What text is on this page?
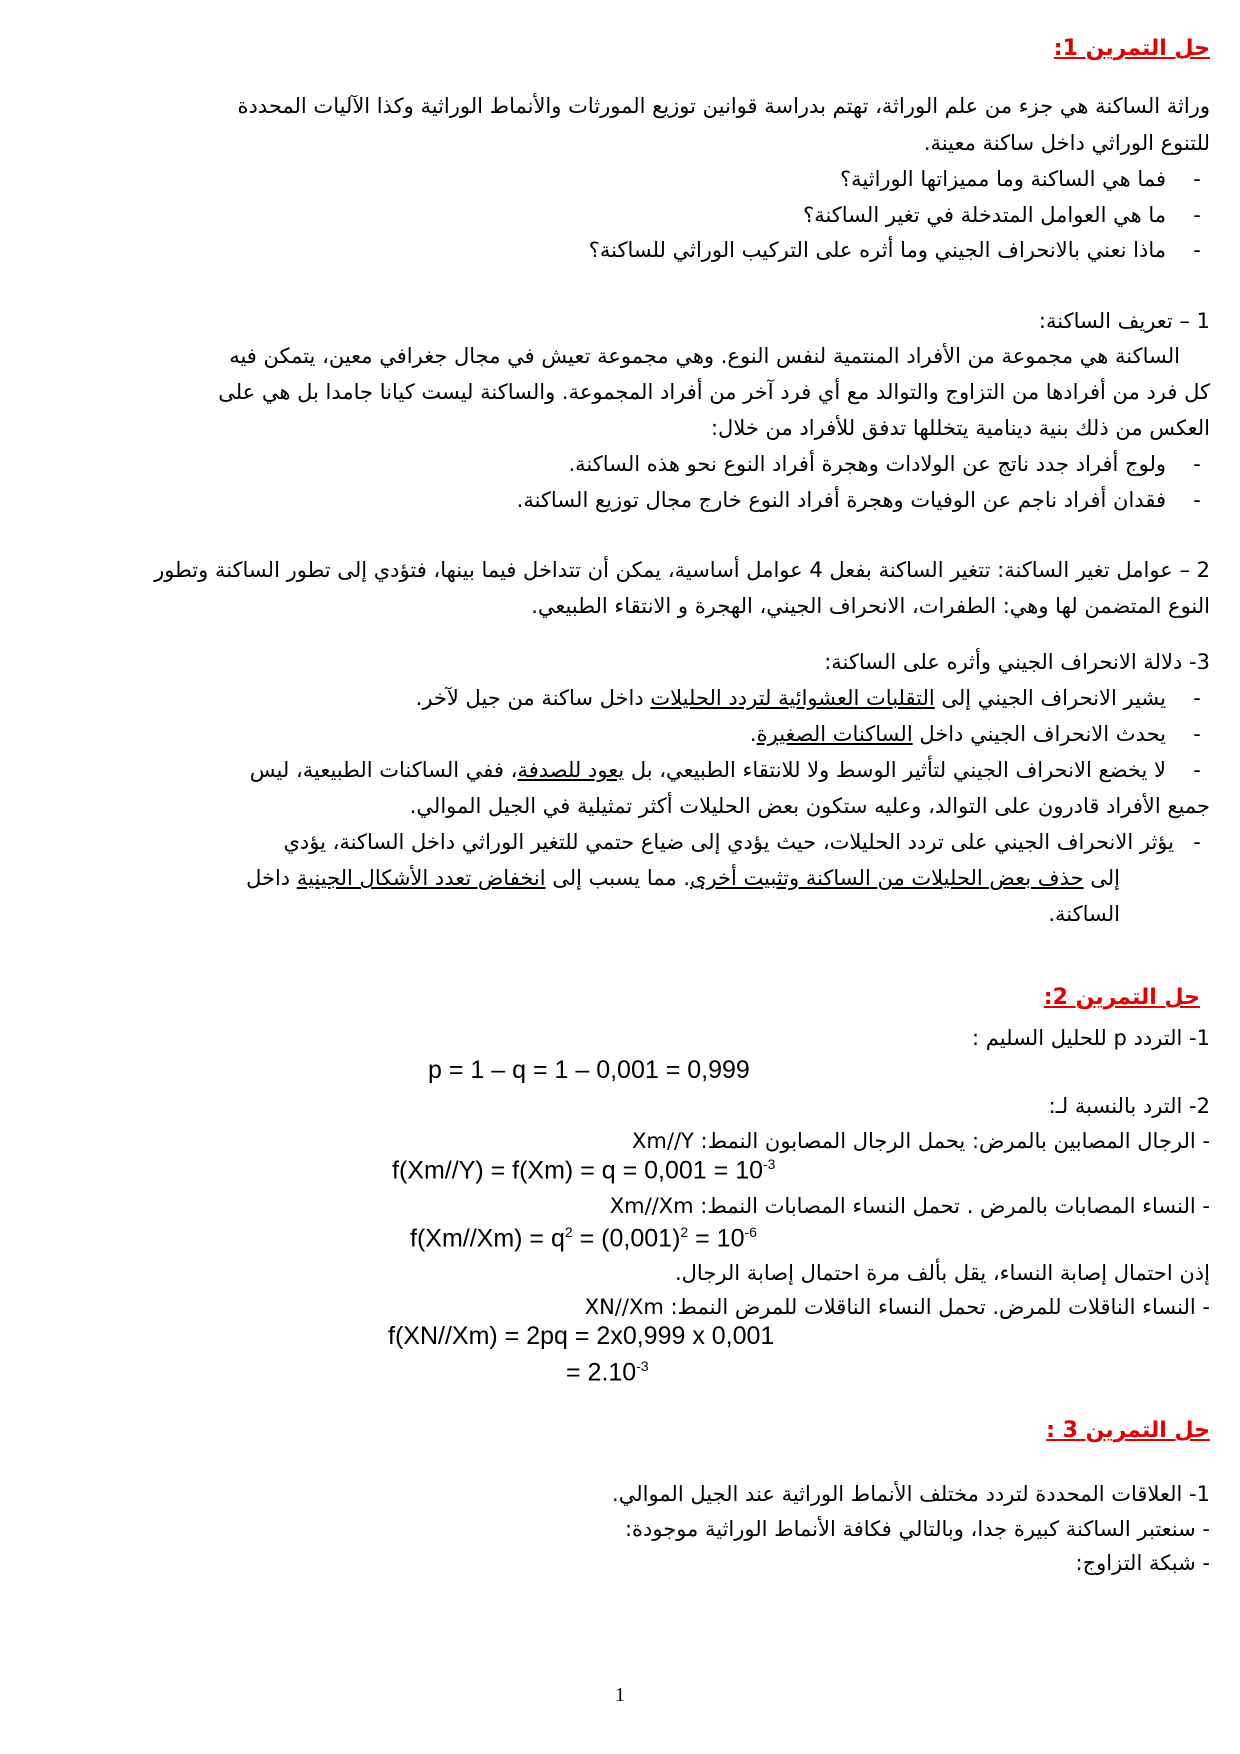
حل التمرين 1:
وراثة الساكنة هي جزء من علم الوراثة، تهتم بدراسة قوانين توزيع المورثات والأنماط الوراثية وكذا الآليات المحددة
للتنوع الوراثي داخل ساكنة معينة.
-فما هي الساكنة وما مميزاتها الوراثية؟
-ما هي العوامل المتدخلة في تغير الساكنة؟
-ماذا نعني بالانحراف الجيني وما أثره على التركيب الوراثي للساكنة؟
1 – تعريف الساكنة:
الساكنة هي مجموعة من الأفراد المنتمية لنفس النوع. وهي مجموعة تعيش في مجال جغرافي معين، يتمكن فيه
كل فرد من أفرادها من التزاوج والتوالد مع أي فرد آخر من أفراد المجموعة. والساكنة ليست كيانا جامدا بل هي على
العكس من ذلك بنية دينامية يتخللها تدفق للأفراد من خلال:
-ولوج أفراد جدد ناتج عن الولادات وهجرة أفراد النوع نحو هذه الساكنة.
-فقدان أفراد ناجم عن الوفيات وهجرة أفراد النوع خارج مجال توزيع الساكنة.
2 – عوامل تغير الساكنة: تتغير الساكنة بفعل 4 عوامل أساسية، يمكن أن تتداخل فيما بينها، فتؤدي إلى تطور الساكنة وتطور
النوع المتضمن لها وهي: الطفرات، الانحراف الجيني، الهجرة و الانتقاء الطبيعي.
3- دلالة الانحراف الجيني وأثره على الساكنة:
-يشير الانحراف الجيني إلى التقلبات العشوائية لتردد الحليلات داخل ساكنة من جيل لآخر.
-يحدث الانحراف الجيني داخل الساكنات الصغيرة.
-لا يخضع الانحراف الجيني لتأثير الوسط ولا للانتقاء الطبيعي، بل يعود للصدفة، ففي الساكنات الطبيعية، ليس
جميع الأفراد قادرون على التوالد، وعليه ستكون بعض الحليلات أكثر تمثيلية في الجيل الموالي.
-يؤثر الانحراف الجيني على تردد الحليلات، حيث يؤدي إلى ضياع حتمي للتغير الوراثي داخل الساكنة، يؤدي
إلى حذف بعض الحليلات من الساكنة وتثبيت أخرى. مما يسبب إلى انخفاض تعدد الأشكال الجينية داخل
الساكنة.
حل التمرين 2:
1- التردد p للحليل السليم :
p = 1 – q = 1 – 0,001 = 0,999
2- الترد بالنسبة لـ:
- الرجال المصابين بالمرض: يحمل الرجال المصابون النمط: Xm//Y
$f(Xm//Y) = f(Xm) = q = 0,001 = 10^{-3}$
- النساء المصابات بالمرض . تحمل النساء المصابات النمط: Xm//Xm
$f(Xm//Xm) = q^2 = (0,001)^2 = 10^{-6}$
إذن احتمال إصابة النساء، يقل بألف مرة احتمال إصابة الرجال.
- النساء الناقلات للمرض. تحمل النساء الناقلات للمرض النمط: XN//Xm
f(XN//Xm) = 2pq = 2x0,999 x 0,001
= $2.10^{-3}$
حل التمرين 3 :
1- العلاقات المحددة لتردد مختلف الأنماط الوراثية عند الجيل الموالي.
- سنعتبر الساكنة كبيرة جدا، وبالتالي فكافة الأنماط الوراثية موجودة:
- شبكة التزاوج:
1
